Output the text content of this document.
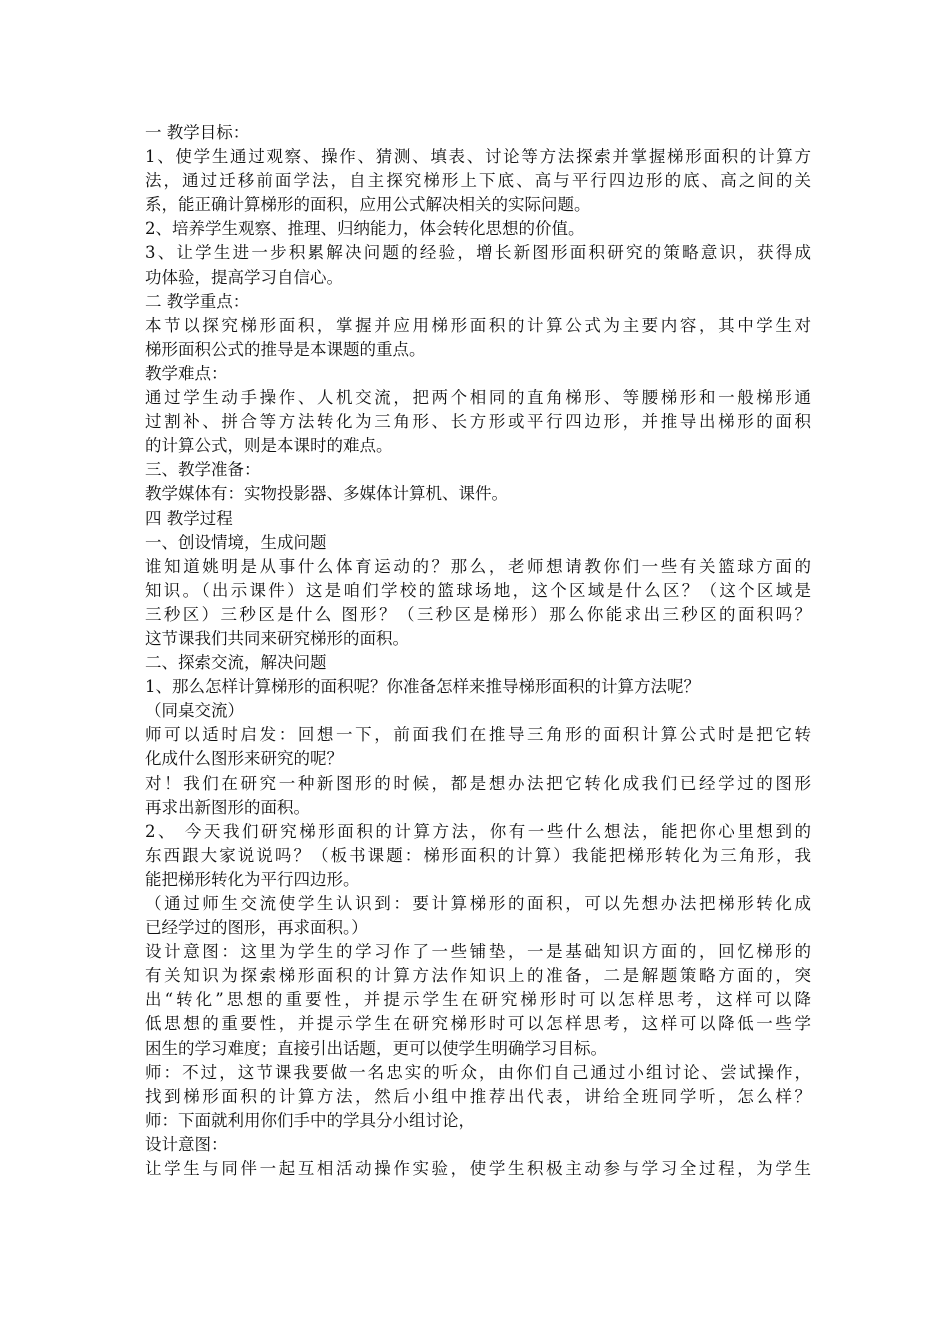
一 教学目标：
1、使学生通过观察、操作、猜测、填表、讨论等方法探索并掌握梯形面积的计算方
法，通过迁移前面学法，自主探究梯形上下底、高与平行四边形的底、高之间的关
系，能正确计算梯形的面积，应用公式解决相关的实际问题。
2、培养学生观察、推理、归纳能力，体会转化思想的价值。
3、让学生进一步积累解决问题的经验，增长新图形面积研究的策略意识，获得成
功体验，提高学习自信心。
二 教学重点：
本节以探究梯形面积，掌握并应用梯形面积的计算公式为主要内容，其中学生对
梯形面积公式的推导是本课题的重点。
教学难点：
通过学生动手操作、人机交流，把两个相同的直角梯形、等腰梯形和一般梯形通
过割补、拼合等方法转化为三角形、长方形或平行四边形，并推导出梯形的面积
的计算公式，则是本课时的难点。
三、教学准备：
教学媒体有：实物投影器、多媒体计算机、课件。
四 教学过程
一、创设情境，生成问题
谁知道姚明是从事什么体育运动的？那么，老师想请教你们一些有关篮球方面的
知识。（出示课件）这是咱们学校的篮球场地，这个区域是什么区？（这个区域是
三秒区）三秒区是什么 图形？（三秒区是梯形）那么你能求出三秒区的面积吗？
这节课我们共同来研究梯形的面积。
二、探索交流，解决问题
1、那么怎样计算梯形的面积呢？你准备怎样来推导梯形面积的计算方法呢？
（同桌交流）
师可以适时启发：回想一下，前面我们在推导三角形的面积计算公式时是把它转
化成什么图形来研究的呢？
对！我们在研究一种新图形的时候，都是想办法把它转化成我们已经学过的图形
再求出新图形的面积。
2、 今天我们研究梯形面积的计算方法，你有一些什么想法，能把你心里想到的
东西跟大家说说吗？（板书课题：梯形面积的计算）我能把梯形转化为三角形，我
能把梯形转化为平行四边形。
（通过师生交流使学生认识到：要计算梯形的面积，可以先想办法把梯形转化成
已经学过的图形，再求面积。）
设计意图：这里为学生的学习作了一些铺垫，一是基础知识方面的，回忆梯形的
有关知识为探索梯形面积的计算方法作知识上的准备，二是解题策略方面的，突
出“转化”思想的重要性，并提示学生在研究梯形时可以怎样思考，这样可以降
低思想的重要性，并提示学生在研究梯形时可以怎样思考，这样可以降低一些学
困生的学习难度；直接引出话题，更可以使学生明确学习目标。
师：不过，这节课我要做一名忠实的听众，由你们自己通过小组讨论、尝试操作，
找到梯形面积的计算方法，然后小组中推荐出代表，讲给全班同学听，怎么样？
师：下面就利用你们手中的学具分小组讨论，
设计意图：
让学生与同伴一起互相活动操作实验，使学生积极主动参与学习全过程，为学生
